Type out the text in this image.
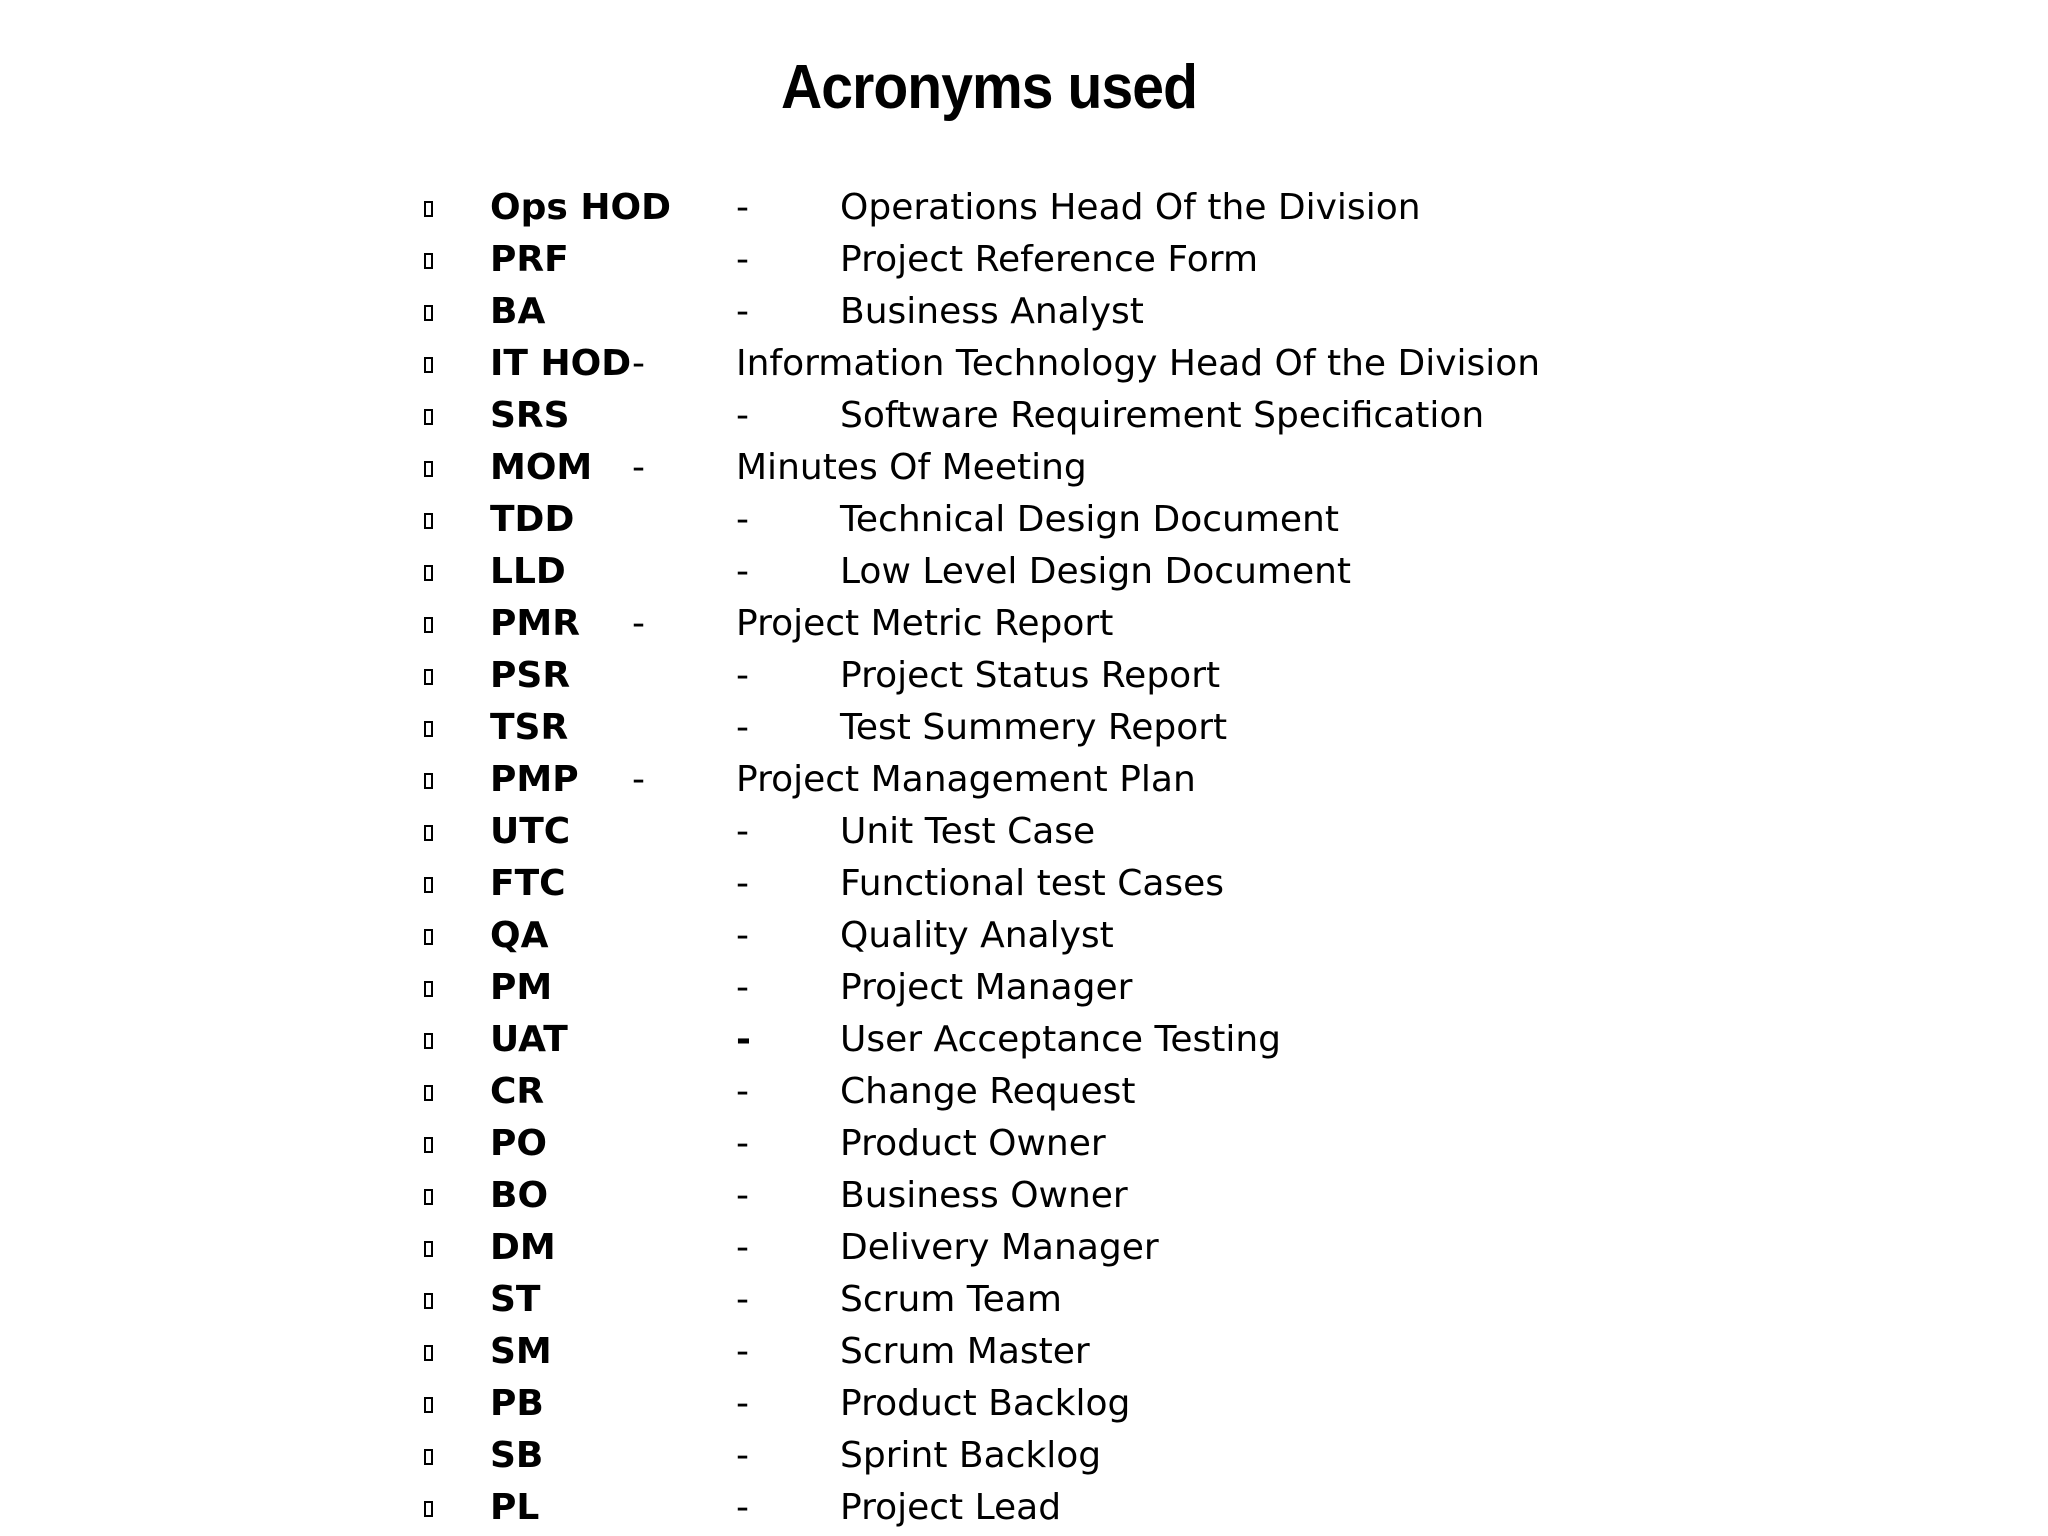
Acronyms used
Ops HOD -	Operations Head Of the Division
PRF	-	Project Reference Form
BA	-	Business Analyst
IT HOD -	Information Technology Head Of the Division
SRS	-	Software Requirement Specification
MOM -	Minutes Of Meeting
TDD	-	Technical Design Document
LLD	-	Low Level Design Document
PMR -	Project Metric Report
PSR	-	Project Status Report
TSR	-	Test Summery Report
PMP -	Project Management Plan
UTC	-	Unit Test Case
FTC	-	Functional test Cases
QA	-	Quality Analyst
PM	-	Project Manager
UAT	- User Acceptance Testing
CR	-	Change Request
PO	-	Product Owner
BO	-	Business Owner
DM	-	Delivery Manager
ST	-	Scrum Team
SM	-	Scrum Master
PB	-	Product Backlog
SB	-	Sprint Backlog
PL	-	Project Lead
